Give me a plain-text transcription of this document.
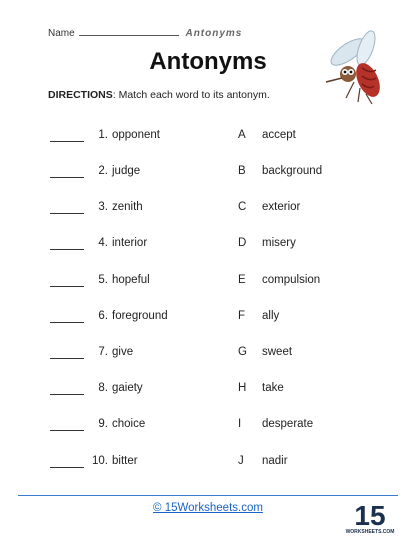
Name	Antonyms
Antonyms
DIRECTIONS: Match each word to its antonym.
1. opponent	A accept
2. judge	B background
3. zenith	C exterior
4. interior	D misery
5. hopeful	E compulsion
6. foreground	F ally
7. give	G sweet
8. gaiety	H take
9. choice	I desperate
10. bitter	J nadir
© 15Worksheets.com	15
WORKSHEETS.COM
